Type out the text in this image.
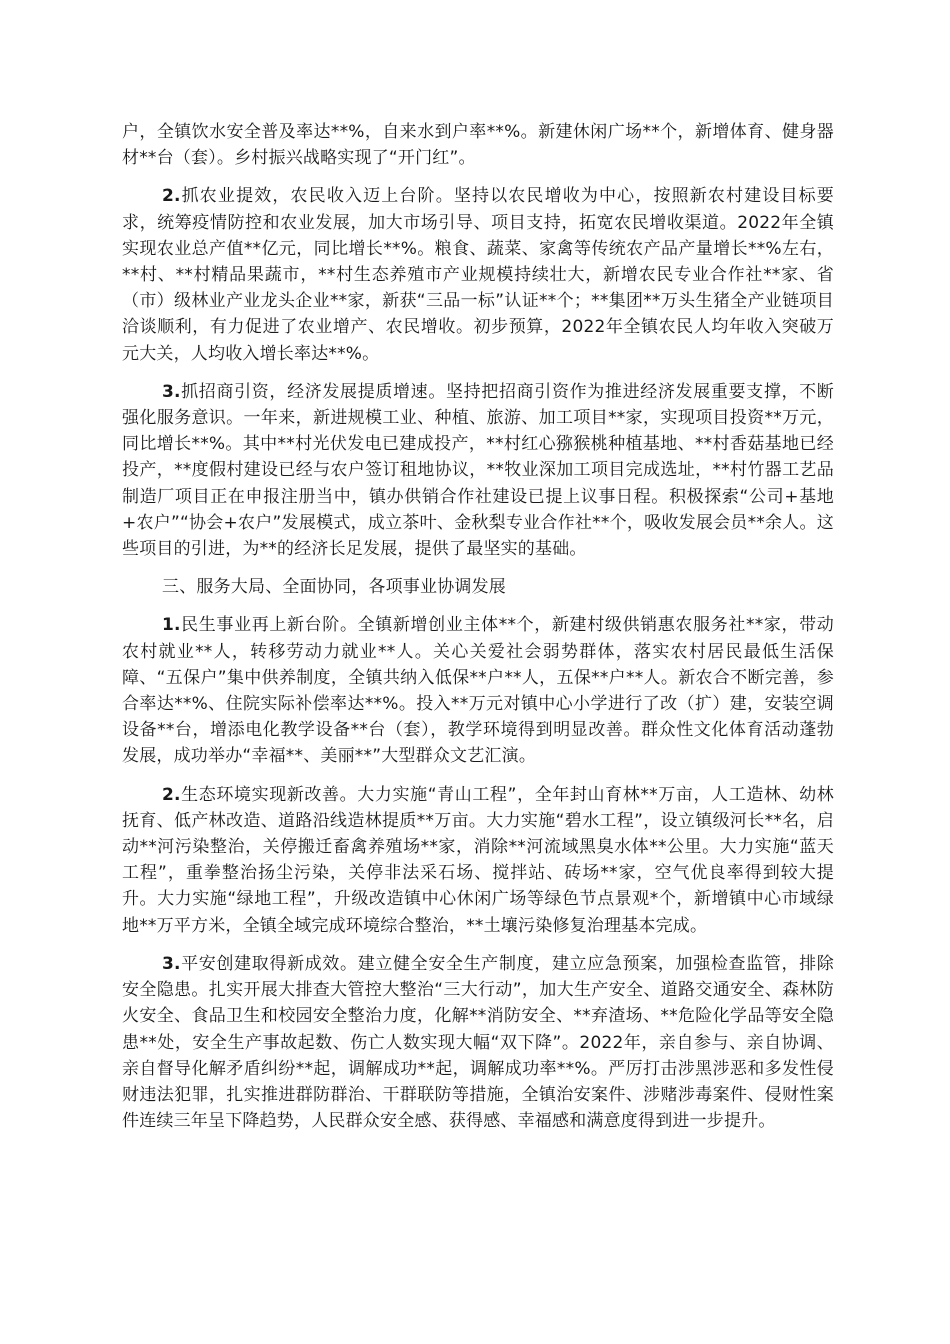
户，全镇饮水安全普及率达**%，自来水到户率**%。新建休闲广场**个，新增体育、健身器材**台（套）。乡村振兴战略实现了“开门红”。

2.抓农业提效，农民收入迈上台阶。坚持以农民增收为中心，按照新农村建设目标要求，统筹疫情防控和农业发展，加大市场引导、项目支持，拓宽农民增收渠道。2022年全镇实现农业总产值**亿元，同比增长**%。粮食、蔬菜、家禽等传统农产品产量增长**%左右，**村、**村精品果蔬市，**村生态养殖市产业规模持续壮大，新增农民专业合作社**家、省（市）级林业产业龙头企业**家，新获“三品一标”认证**个；**集团**万头生猪全产业链项目洽谈顺利，有力促进了农业增产、农民增收。初步预算，2022年全镇农民人均年收入突破万元大关，人均收入增长率达**%。

3.抓招商引资，经济发展提质增速。坚持把招商引资作为推进经济发展重要支撑，不断强化服务意识。一年来，新进规模工业、种植、旅游、加工项目**家，实现项目投资**万元，同比增长**%。其中**村光伏发电已建成投产，**村红心猕猴桃种植基地、**村香菇基地已经投产，**度假村建设已经与农户签订租地协议，**牧业深加工项目完成选址，**村竹器工艺品制造厂项目正在申报注册当中，镇办供销合作社建设已提上议事日程。积极探索“公司+基地+农户”“协会+农户”发展模式，成立茶叶、金秋梨专业合作社**个，吸收发展会员**余人。这些项目的引进，为**的经济长足发展，提供了最坚实的基础。

三、服务大局、全面协同，各项事业协调发展

1.民生事业再上新台阶。全镇新增创业主体**个，新建村级供销惠农服务社**家，带动农村就业**人，转移劳动力就业**人。关心关爱社会弱势群体，落实农村居民最低生活保障、“五保户”集中供养制度，全镇共纳入低保**户**人，五保**户**人。新农合不断完善，参合率达**%、住院实际补偿率达**%。投入**万元对镇中心小学进行了改（扩）建，安装空调设备**台，增添电化教学设备**台（套），教学环境得到明显改善。群众性文化体育活动蓬勃发展，成功举办“幸福**、美丽**”大型群众文艺汇演。

2.生态环境实现新改善。大力实施“青山工程”，全年封山育林**万亩，人工造林、幼林抚育、低产林改造、道路沿线造林提质**万亩。大力实施“碧水工程”，设立镇级河长**名，启动**河污染整治，关停搬迁畜禽养殖场**家，消除**河流域黑臭水体**公里。大力实施“蓝天工程”，重拳整治扬尘污染，关停非法采石场、搅拌站、砖场**家，空气优良率得到较大提升。大力实施“绿地工程”，升级改造镇中心休闲广场等绿色节点景观*个，新增镇中心市域绿地**万平方米，全镇全域完成环境综合整治，**土壤污染修复治理基本完成。

3.平安创建取得新成效。建立健全安全生产制度，建立应急预案，加强检查监管，排除安全隐患。扎实开展大排查大管控大整治“三大行动”，加大生产安全、道路交通安全、森林防火安全、食品卫生和校园安全整治力度，化解**消防安全、**弃渣场、**危险化学品等安全隐患**处，安全生产事故起数、伤亡人数实现大幅“双下降”。2022年，亲自参与、亲自协调、亲自督导化解矛盾纠纷**起，调解成功**起，调解成功率**%。严厉打击涉黑涉恶和多发性侵财违法犯罪，扎实推进群防群治、干群联防等措施，全镇治安案件、涉赌涉毒案件、侵财性案件连续三年呈下降趋势，人民群众安全感、获得感、幸福感和满意度得到进一步提升。
